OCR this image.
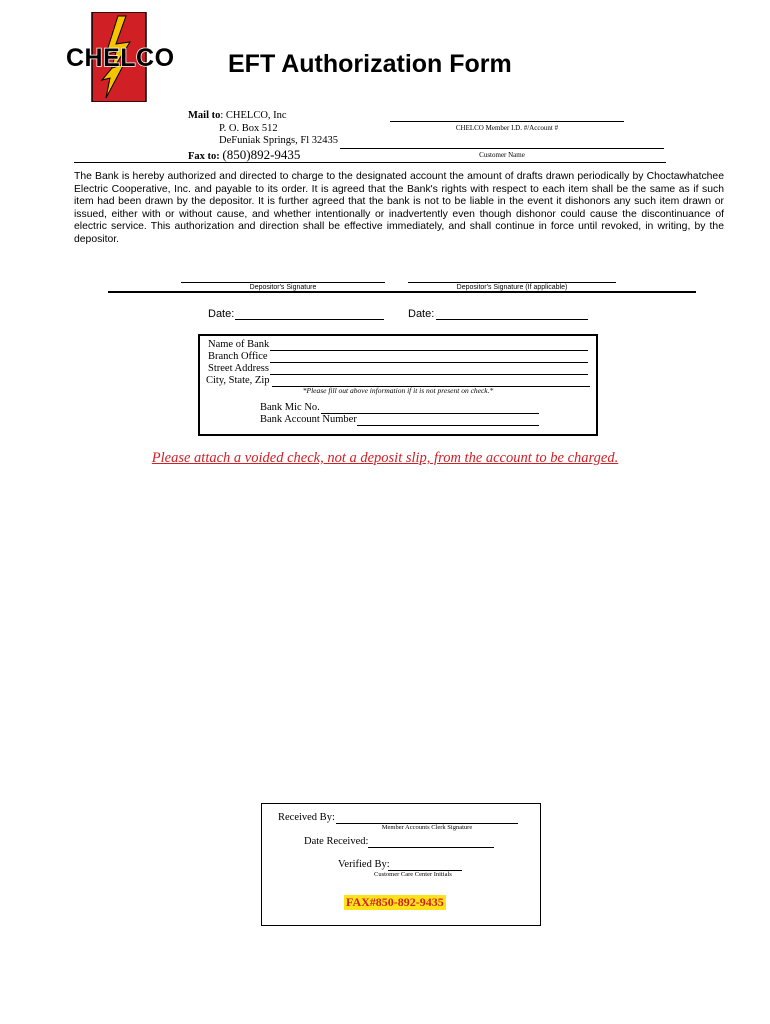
CHELCO EFT Authorization Form
Mail to: CHELCO, Inc
P. O. Box 512
DeFuniak Springs, Fl 32435
Fax to: (850)892-9435
CHELCO Member I.D. #/Account #
Customer Name
The Bank is hereby authorized and directed to charge to the designated account the amount of drafts drawn periodically by Choctawhatchee Electric Cooperative, Inc. and payable to its order. It is agreed that the Bank's rights with respect to each item shall be the same as if such item had been drawn by the depositor. It is further agreed that the bank is not to be liable in the event it dishonors any such item drawn or issued, either with or without cause, and whether intentionally or inadvertently even though dishonor could cause the discontinuance of electric service. This authorization and direction shall be effective immediately, and shall continue in force until revoked, in writing, by the depositor.
Depositor's Signature	Depositor's Signature (If applicable)
Date:	Date:
Name of Bank
Branch Office
Street Address
City, State, Zip
*Please fill out above information if it is not present on check.*
Bank Mic No.
Bank Account Number
Please attach a voided check, not a deposit slip, from the account to be charged.
Received By:
Member Accounts Clerk Signature
Date Received:
Verified By:
Customer Care Center Initials
FAX#850-892-9435
